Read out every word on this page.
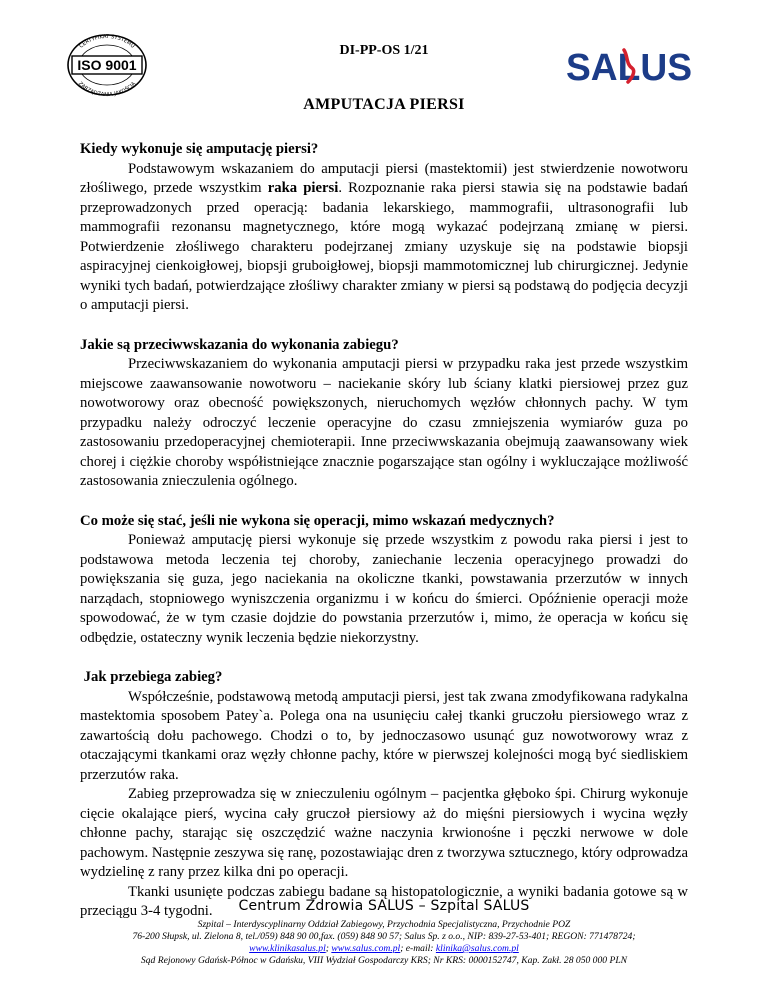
CERTYFIKAT SYSTEMU
ZARZĄDZANIA JAKOŚCIĄ
ISO 9001
DI-PP-OS 1/21	SALUS
AMPUTACJA PIERSI
Kiedy wykonuje się amputację piersi?

Podstawowym wskazaniem do amputacji piersi (mastektomii) jest stwierdzenie nowotworu złośliwego, przede wszystkim raka piersi. Rozpoznanie raka piersi stawia się na podstawie badań przeprowadzonych przed operacją: badania lekarskiego, mammografii, ultrasonografii lub mammografii rezonansu magnetycznego, które mogą wykazać podejrzaną zmianę w piersi. Potwierdzenie złośliwego charakteru podejrzanej zmiany uzyskuje się na podstawie biopsji aspiracyjnej cienkoigłowej, biopsji gruboigłowej, biopsji mammotomicznej lub chirurgicznej. Jedynie wyniki tych badań, potwierdzające złośliwy charakter zmiany w piersi są podstawą do podjęcia decyzji o amputacji piersi.

Jakie są przeciwwskazania do wykonania zabiegu?

Przeciwwskazaniem do wykonania amputacji piersi w przypadku raka jest przede wszystkim miejscowe zaawansowanie nowotworu – naciekanie skóry lub ściany klatki piersiowej przez guz nowotworowy oraz obecność powiększonych, nieruchomych węzłów chłonnych pachy. W tym przypadku należy odroczyć leczenie operacyjne do czasu zmniejszenia wymiarów guza po zastosowaniu przedoperacyjnej chemioterapii. Inne przeciwwskazania obejmują zaawansowany wiek chorej i ciężkie choroby współistniejące znacznie pogarszające stan ogólny i wykluczające możliwość zastosowania znieczulenia ogólnego.

Co może się stać, jeśli nie wykona się operacji, mimo wskazań medycznych?

Ponieważ amputację piersi wykonuje się przede wszystkim z powodu raka piersi i jest to podstawowa metoda leczenia tej choroby, zaniechanie leczenia operacyjnego prowadzi do powiększania się guza, jego naciekania na okoliczne tkanki, powstawania przerzutów w innych narządach, stopniowego wyniszczenia organizmu i w końcu do śmierci. Opóźnienie operacji może spowodować, że w tym czasie dojdzie do powstania przerzutów i, mimo, że operacja w końcu się odbędzie, ostateczny wynik leczenia będzie niekorzystny.

Jak przebiega zabieg?

Współcześnie, podstawową metodą amputacji piersi, jest tak zwana zmodyfikowana radykalna mastektomia sposobem Patey`a. Polega ona na usunięciu całej tkanki gruczołu piersiowego wraz z zawartością dołu pachowego. Chodzi o to, by jednoczasowo usunąć guz nowotworowy wraz z otaczającymi tkankami oraz węzły chłonne pachy, które w pierwszej kolejności mogą być siedliskiem przerzutów raka.

Zabieg przeprowadza się w znieczuleniu ogólnym – pacjentka głęboko śpi. Chirurg wykonuje cięcie okalające pierś, wycina cały gruczoł piersiowy aż do mięśni piersiowych i wycina węzły chłonne pachy, starając się oszczędzić ważne naczynia krwionośne i pęczki nerwowe w dole pachowym. Następnie zeszywa się ranę, pozostawiając dren z tworzywa sztucznego, który odprowadza wydzielinę z rany przez kilka dni po operacji.

Tkanki usunięte podczas zabiegu badane są histopatologicznie, a wyniki badania gotowe są w przeciągu 3-4 tygodni.	Centrum Zdrowia SALUS – Szpital SALUS
Szpital – Interdyscyplinarny Oddział Zabiegowy, Przychodnia Specjalistyczna, Przychodnie POZ
76-200 Słupsk, ul. Zielona 8, tel./059) 848 90 00,fax. (059) 848 90 57; Salus Sp. z o.o., NIP: 839-27-53-401; REGON: 771478724;
www.klinikasalus.pl; www.salus.com.pl; e-mail: klinika@salus.com.pl
Sąd Rejonowy Gdańsk-Północ w Gdańsku, VIII Wydział Gospodarczy KRS; Nr KRS: 0000152747, Kap. Zakł. 28 050 000 PLN
